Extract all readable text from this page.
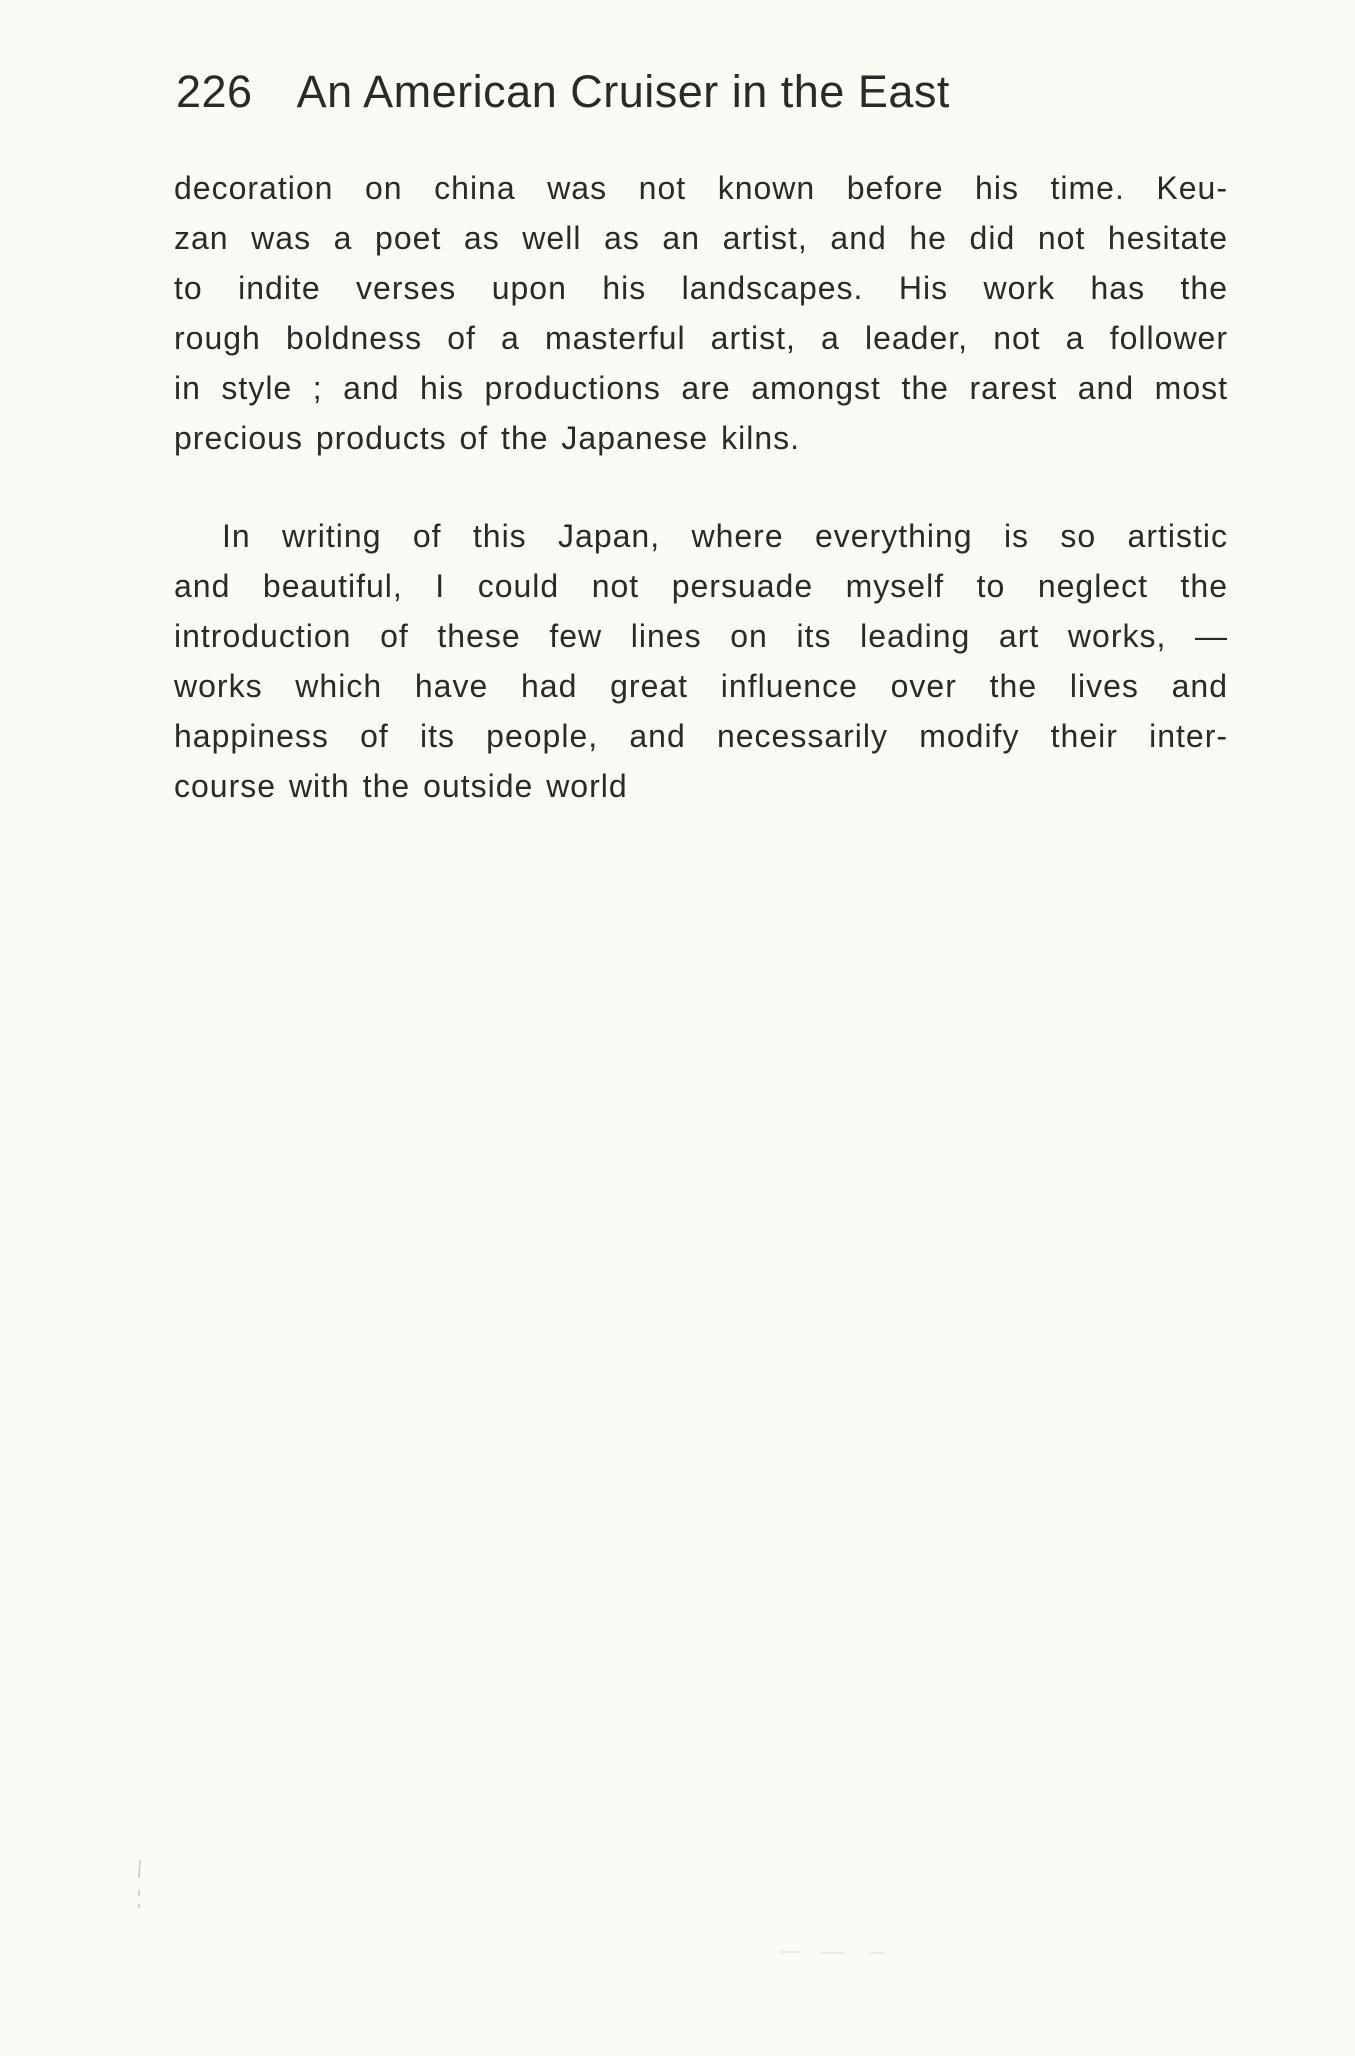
226 An American Cruiser in the East
decoration on china was not known before his time. Keu-
zan was a poet as well as an artist, and he did not hesitate
to indite verses upon his landscapes. His work has the
rough boldness of a masterful artist, a leader, not a follower
in style ; and his productions are amongst the rarest and most
precious products of the Japanese kilns.
In writing of this Japan, where everything is so artistic
and beautiful, I could not persuade myself to neglect the
introduction of these few lines on its leading art works, —
works which have had great influence over the lives and
happiness of its people, and necessarily modify their inter-
course with the outside world
